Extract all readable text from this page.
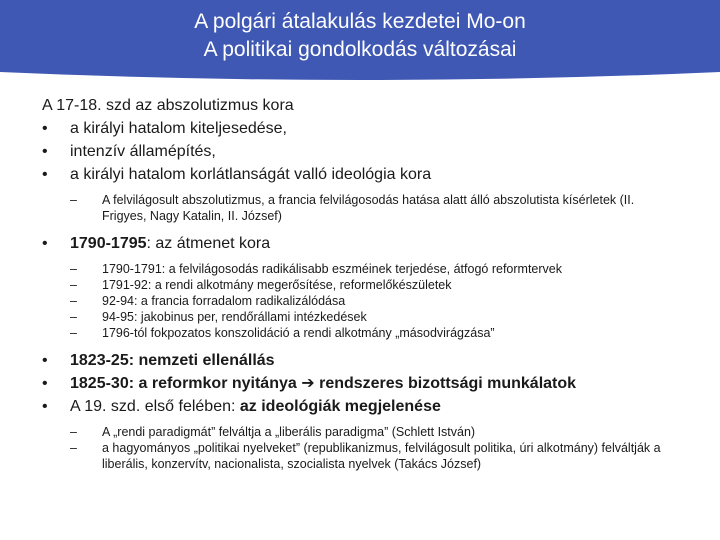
A polgári átalakulás kezdetei Mo-on
A politikai gondolkodás változásai

A 17-18. szd az abszolutizmus kora

• a királyi hatalom kiteljesedése,
• intenzív államépítés,
• a királyi hatalom korlátlanságát valló ideológia kora
– A felvilágosult abszolutizmus, a francia felvilágosodás hatása alatt álló abszolutista kísérletek (II. Frigyes, Nagy Katalin, II. József)
• 1790-1795: az átmenet kora
– 1790-1791: a felvilágosodás radikálisabb eszméinek terjedése, átfogó reformtervek
– 1791-92: a rendi alkotmány megerősítése, reformelőkészületek
– 92-94: a francia forradalom radikalizálódása
– 94-95: jakobinus per, rendőrállami intézkedések
– 1796-tól fokpozatos konszolidáció a rendi alkotmány „másodvirágzása”
• 1823-25: nemzeti ellenállás
• 1825-30: a reformkor nyitánya ➔ rendszeres bizottsági munkálatok
• A 19. szd. első felében: az ideológiák megjelenése
– A „rendi paradigmát” felváltja a „liberális paradigma” (Schlett István)
– a hagyományos „politikai nyelveket” (republikanizmus, felvilágosult politika, úri alkotmány) felváltják a liberális, konzervítv, nacionalista, szocialista nyelvek (Takács József)
